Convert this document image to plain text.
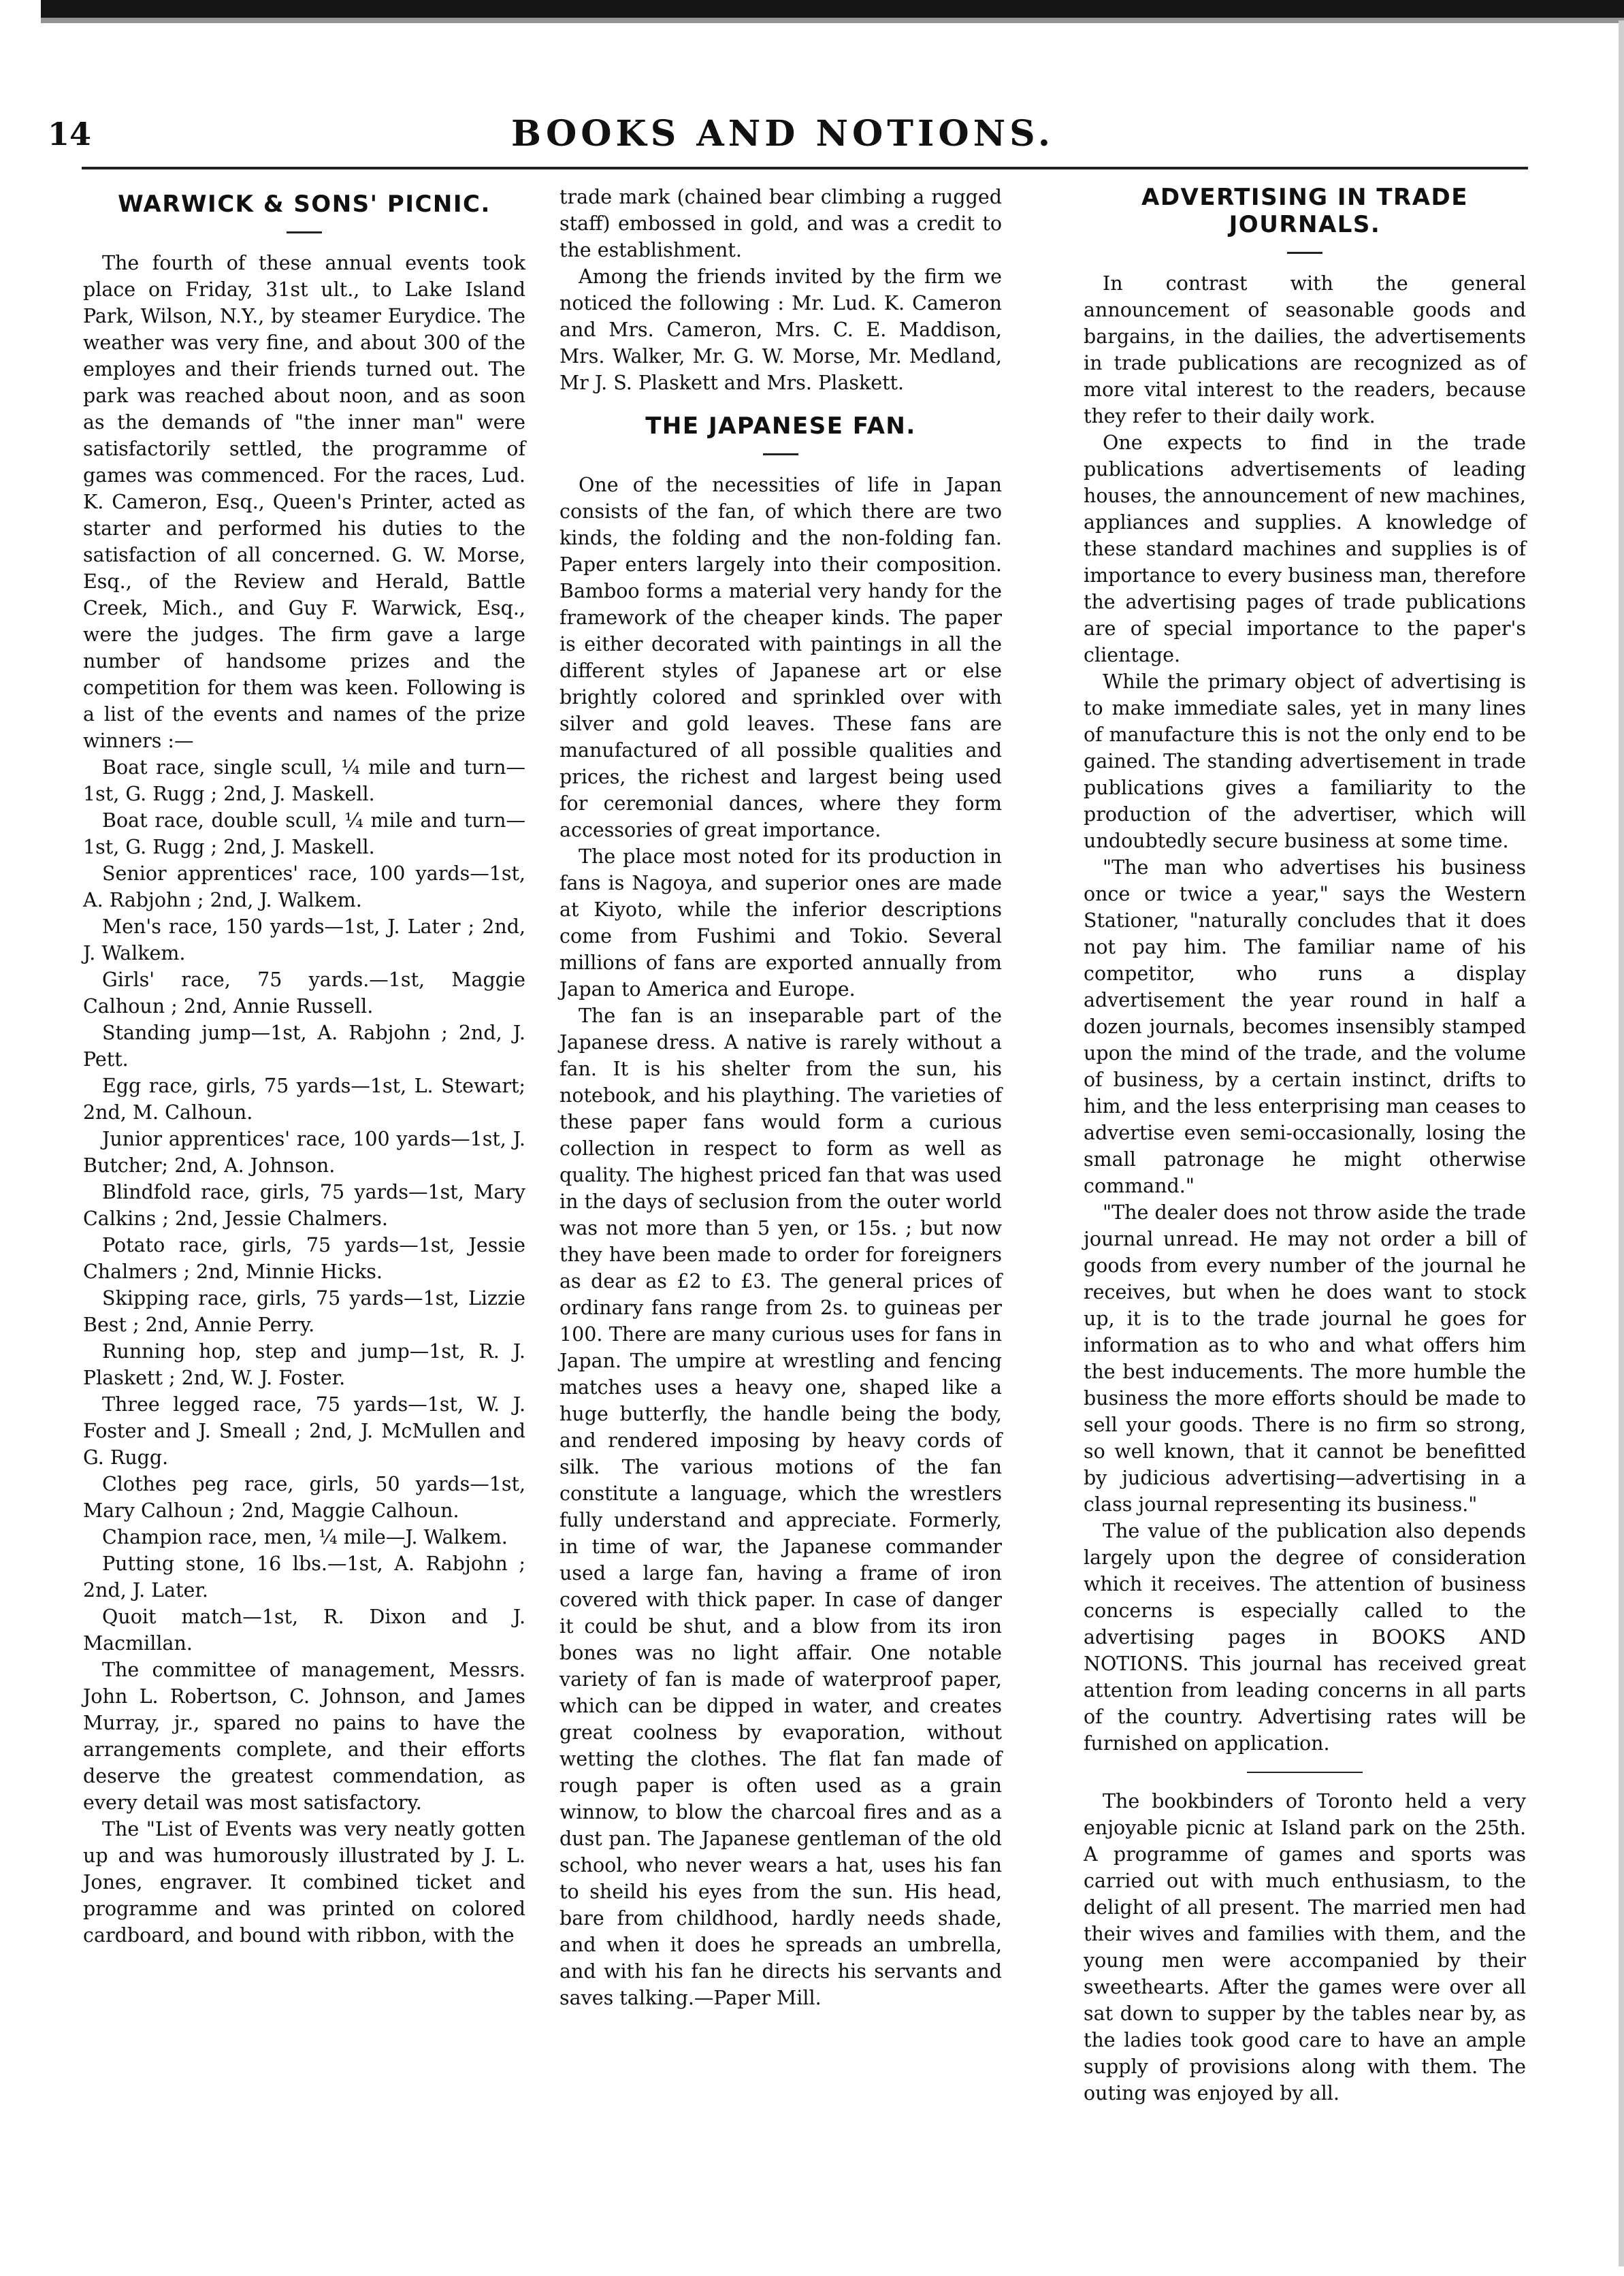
14	BOOKS AND NOTIONS.
WARWICK & SONS' PICNIC.

The fourth of these annual events took place on Friday, 31st ult., to Lake Island Park, Wilson, N.Y., by steamer Eurydice. The weather was very fine, and about 300 of the employes and their friends turned out. The park was reached about noon, and as soon as the demands of "the inner man" were satisfactorily settled, the programme of games was commenced. For the races, Lud. K. Cameron, Esq., Queen's Printer, acted as starter and performed his duties to the satisfaction of all concerned. G. W. Morse, Esq., of the Review and Herald, Battle Creek, Mich., and Guy F. Warwick, Esq., were the judges. The firm gave a large number of handsome prizes and the competition for them was keen. Following is a list of the events and names of the prize winners :—

Boat race, single scull, ¼ mile and turn—1st, G. Rugg ; 2nd, J. Maskell.

Boat race, double scull, ¼ mile and turn—1st, G. Rugg ; 2nd, J. Maskell.

Senior apprentices' race, 100 yards—1st, A. Rabjohn ; 2nd, J. Walkem.

Men's race, 150 yards—1st, J. Later ; 2nd, J. Walkem.

Girls' race, 75 yards.—1st, Maggie Calhoun ; 2nd, Annie Russell.

Standing jump—1st, A. Rabjohn ; 2nd, J. Pett.

Egg race, girls, 75 yards—1st, L. Stewart; 2nd, M. Calhoun.

Junior apprentices' race, 100 yards—1st, J. Butcher; 2nd, A. Johnson.

Blindfold race, girls, 75 yards—1st, Mary Calkins ; 2nd, Jessie Chalmers.

Potato race, girls, 75 yards—1st, Jessie Chalmers ; 2nd, Minnie Hicks.

Skipping race, girls, 75 yards—1st, Lizzie Best ; 2nd, Annie Perry.

Running hop, step and jump—1st, R. J. Plaskett ; 2nd, W. J. Foster.

Three legged race, 75 yards—1st, W. J. Foster and J. Smeall ; 2nd, J. McMullen and G. Rugg.

Clothes peg race, girls, 50 yards—1st, Mary Calhoun ; 2nd, Maggie Calhoun.

Champion race, men, ¼ mile—J. Walkem.

Putting stone, 16 lbs.—1st, A. Rabjohn ; 2nd, J. Later.

Quoit match—1st, R. Dixon and J. Macmillan.

The committee of management, Messrs. John L. Robertson, C. Johnson, and James Murray, jr., spared no pains to have the arrangements complete, and their efforts deserve the greatest commendation, as every detail was most satisfactory.

The "List of Events was very neatly gotten up and was humorously illustrated by J. L. Jones, engraver. It combined ticket and programme and was printed on colored cardboard, and bound with ribbon, with the

trade mark (chained bear climbing a rugged staff) embossed in gold, and was a credit to the establishment.

Among the friends invited by the firm we noticed the following : Mr. Lud. K. Cameron and Mrs. Cameron, Mrs. C. E. Maddison, Mrs. Walker, Mr. G. W. Morse, Mr. Medland, Mr J. S. Plaskett and Mrs. Plaskett.

THE JAPANESE FAN.

One of the necessities of life in Japan consists of the fan, of which there are two kinds, the folding and the non-folding fan. Paper enters largely into their composition. Bamboo forms a material very handy for the framework of the cheaper kinds. The paper is either decorated with paintings in all the different styles of Japanese art or else brightly colored and sprinkled over with silver and gold leaves. These fans are manufactured of all possible qualities and prices, the richest and largest being used for ceremonial dances, where they form accessories of great importance.

The place most noted for its production in fans is Nagoya, and superior ones are made at Kiyoto, while the inferior descriptions come from Fushimi and Tokio. Several millions of fans are exported annually from Japan to America and Europe.

The fan is an inseparable part of the Japanese dress. A native is rarely without a fan. It is his shelter from the sun, his notebook, and his plaything. The varieties of these paper fans would form a curious collection in respect to form as well as quality. The highest priced fan that was used in the days of seclusion from the outer world was not more than 5 yen, or 15s. ; but now they have been made to order for foreigners as dear as £2 to £3. The general prices of ordinary fans range from 2s. to guineas per 100. There are many curious uses for fans in Japan. The umpire at wrestling and fencing matches uses a heavy one, shaped like a huge butterfly, the handle being the body, and rendered imposing by heavy cords of silk. The various motions of the fan constitute a language, which the wrestlers fully understand and appreciate. Formerly, in time of war, the Japanese commander used a large fan, having a frame of iron covered with thick paper. In case of danger it could be shut, and a blow from its iron bones was no light affair. One notable variety of fan is made of waterproof paper, which can be dipped in water, and creates great coolness by evaporation, without wetting the clothes. The flat fan made of rough paper is often used as a grain winnow, to blow the charcoal fires and as a dust pan. The Japanese gentleman of the old school, who never wears a hat, uses his fan to sheild his eyes from the sun. His head, bare from childhood, hardly needs shade, and when it does he spreads an umbrella, and with his fan he directs his servants and saves talking.—Paper Mill.

ADVERTISING IN TRADE JOURNALS.

In contrast with the general announcement of seasonable goods and bargains, in the dailies, the advertisements in trade publications are recognized as of more vital interest to the readers, because they refer to their daily work.

One expects to find in the trade publications advertisements of leading houses, the announcement of new machines, appliances and supplies. A knowledge of these standard machines and supplies is of importance to every business man, therefore the advertising pages of trade publications are of special importance to the paper's clientage.

While the primary object of advertising is to make immediate sales, yet in many lines of manufacture this is not the only end to be gained. The standing advertisement in trade publications gives a familiarity to the production of the advertiser, which will undoubtedly secure business at some time.

"The man who advertises his business once or twice a year," says the Western Stationer, "naturally concludes that it does not pay him. The familiar name of his competitor, who runs a display advertisement the year round in half a dozen journals, becomes insensibly stamped upon the mind of the trade, and the volume of business, by a certain instinct, drifts to him, and the less enterprising man ceases to advertise even semi-occasionally, losing the small patronage he might otherwise command."

"The dealer does not throw aside the trade journal unread. He may not order a bill of goods from every number of the journal he receives, but when he does want to stock up, it is to the trade journal he goes for information as to who and what offers him the best inducements. The more humble the business the more efforts should be made to sell your goods. There is no firm so strong, so well known, that it cannot be benefitted by judicious advertising—advertising in a class journal representing its business."

The value of the publication also depends largely upon the degree of consideration which it receives. The attention of business concerns is especially called to the advertising pages in BOOKS AND NOTIONS. This journal has received great attention from leading concerns in all parts of the country. Advertising rates will be furnished on application.

The bookbinders of Toronto held a very enjoyable picnic at Island park on the 25th. A programme of games and sports was carried out with much enthusiasm, to the delight of all present. The married men had their wives and families with them, and the young men were accompanied by their sweethearts. After the games were over all sat down to supper by the tables near by, as the ladies took good care to have an ample supply of provisions along with them. The outing was enjoyed by all.
